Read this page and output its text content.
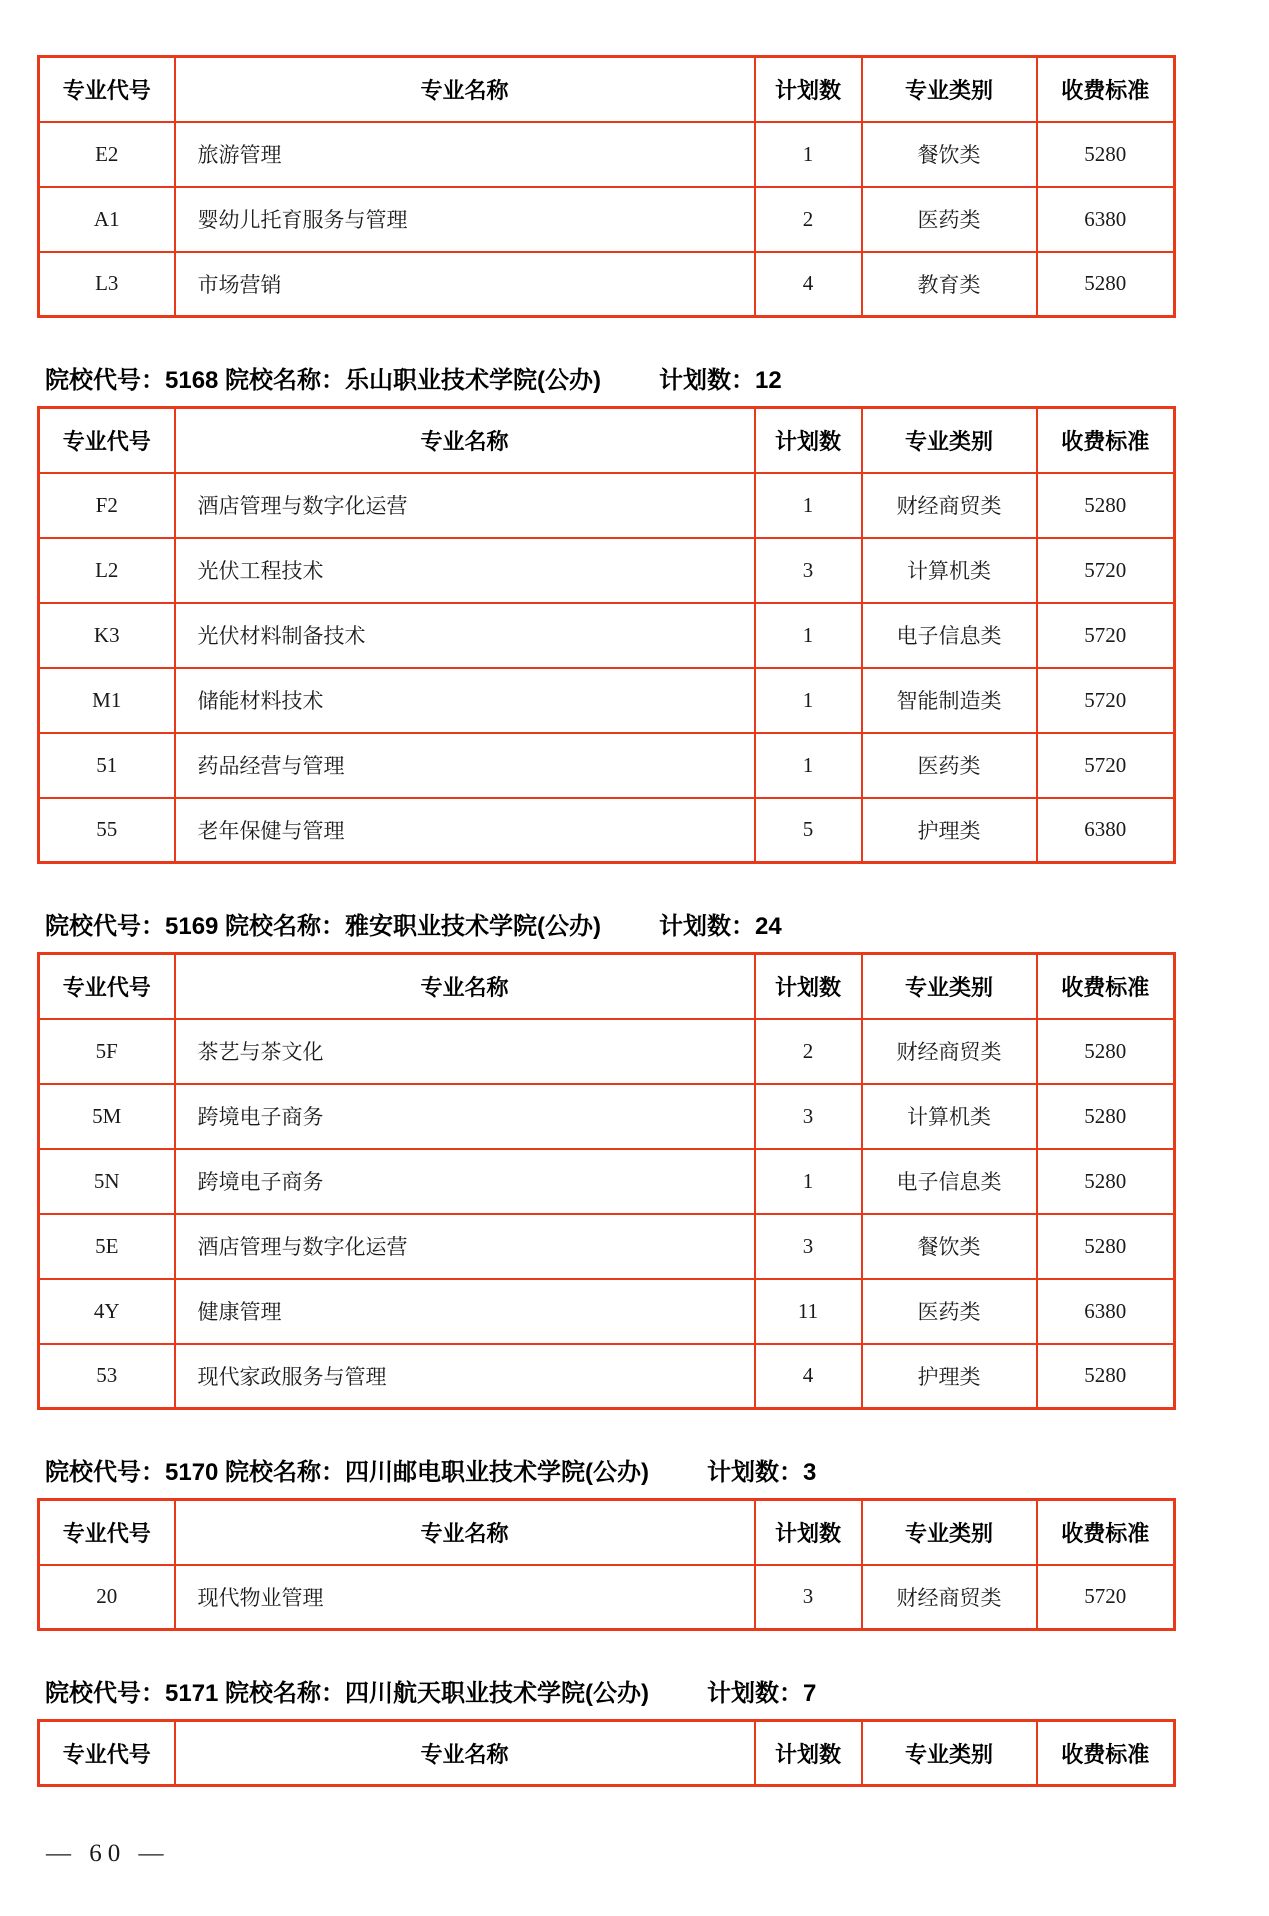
专业代号	专业名称	计划数	专业类别	收费标准
E2	旅游管理	1	餐饮类	5280
A1	婴幼儿托育服务与管理	2	医药类	6380
L3	市场营销	4	教育类	5280
院校代号：5168 院校名称：乐山职业技术学院(公办) 计划数：12
专业代号	专业名称	计划数	专业类别	收费标准
F2	酒店管理与数字化运营	1	财经商贸类	5280
L2	光伏工程技术	3	计算机类	5720
K3	光伏材料制备技术	1	电子信息类	5720
M1	储能材料技术	1	智能制造类	5720
51	药品经营与管理	1	医药类	5720
55	老年保健与管理	5	护理类	6380
院校代号：5169 院校名称：雅安职业技术学院(公办) 计划数：24
专业代号	专业名称	计划数	专业类别	收费标准
5F	茶艺与茶文化	2	财经商贸类	5280
5M	跨境电子商务	3	计算机类	5280
5N	跨境电子商务	1	电子信息类	5280
5E	酒店管理与数字化运营	3	餐饮类	5280
4Y	健康管理	11	医药类	6380
53	现代家政服务与管理	4	护理类	5280
院校代号：5170 院校名称：四川邮电职业技术学院(公办) 计划数：3
专业代号	专业名称	计划数	专业类别	收费标准
20	现代物业管理	3	财经商贸类	5720
院校代号：5171 院校名称：四川航天职业技术学院(公办) 计划数：7
专业代号	专业名称	计划数	专业类别	收费标准
— 60 —
